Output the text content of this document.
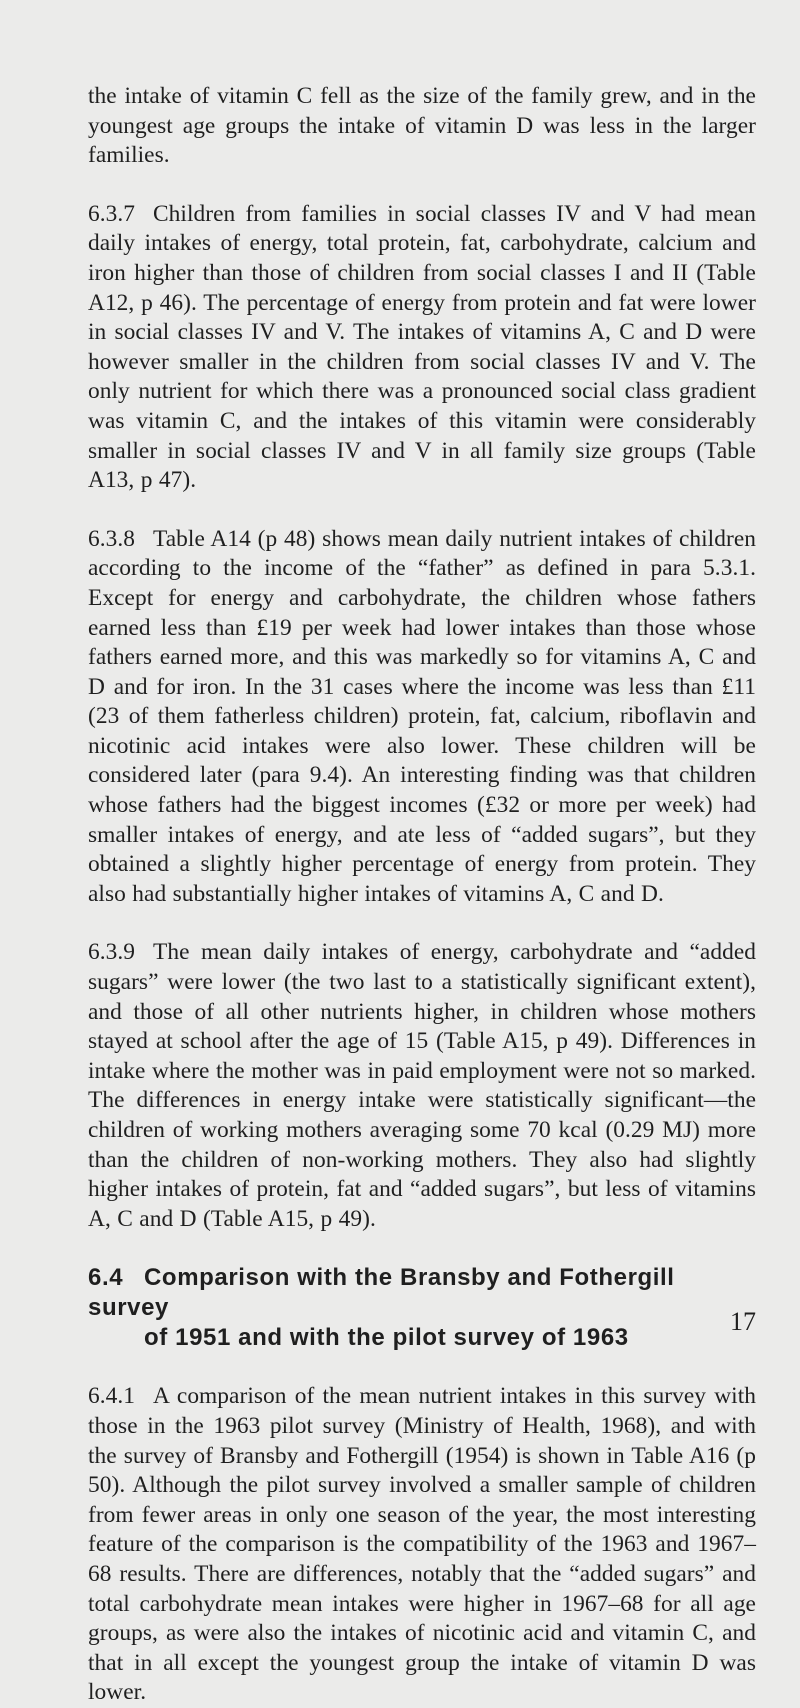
the intake of vitamin C fell as the size of the family grew, and in the youngest age groups the intake of vitamin D was less in the larger families.

6.3.7 Children from families in social classes IV and V had mean daily intakes of energy, total protein, fat, carbohydrate, calcium and iron higher than those of children from social classes I and II (Table A12, p 46). The percentage of energy from protein and fat were lower in social classes IV and V. The intakes of vitamins A, C and D were however smaller in the children from social classes IV and V. The only nutrient for which there was a pronounced social class gradient was vitamin C, and the intakes of this vitamin were considerably smaller in social classes IV and V in all family size groups (Table A13, p 47).

6.3.8 Table A14 (p 48) shows mean daily nutrient intakes of children according to the income of the “father” as defined in para 5.3.1. Except for energy and carbohydrate, the children whose fathers earned less than £19 per week had lower intakes than those whose fathers earned more, and this was markedly so for vitamins A, C and D and for iron. In the 31 cases where the income was less than £11 (23 of them fatherless children) protein, fat, calcium, riboflavin and nicotinic acid intakes were also lower. These children will be considered later (para 9.4). An interesting finding was that children whose fathers had the biggest incomes (£32 or more per week) had smaller intakes of energy, and ate less of “added sugars”, but they obtained a slightly higher percentage of energy from protein. They also had substantially higher intakes of vitamins A, C and D.

6.3.9 The mean daily intakes of energy, carbohydrate and “added sugars” were lower (the two last to a statistically significant extent), and those of all other nutrients higher, in children whose mothers stayed at school after the age of 15 (Table A15, p 49). Differences in intake where the mother was in paid employment were not so marked. The differences in energy intake were statistically significant—the children of working mothers averaging some 70 kcal (0.29 MJ) more than the children of non-working mothers. They also had slightly higher intakes of protein, fat and “added sugars”, but less of vitamins A, C and D (Table A15, p 49).

6.4 Comparison with the Bransby and Fothergill survey
of 1951 and with the pilot survey of 1963

6.4.1 A comparison of the mean nutrient intakes in this survey with those in the 1963 pilot survey (Ministry of Health, 1968), and with the survey of Bransby and Fothergill (1954) is shown in Table A16 (p 50). Although the pilot survey involved a smaller sample of children from fewer areas in only one season of the year, the most interesting feature of the comparison is the compatibility of the 1963 and 1967–68 results. There are differences, notably that the “added sugars” and total carbohydrate mean intakes were higher in 1967–68 for all age groups, as were also the intakes of nicotinic acid and vitamin C, and that in all except the youngest group the intake of vitamin D was lower.

17
